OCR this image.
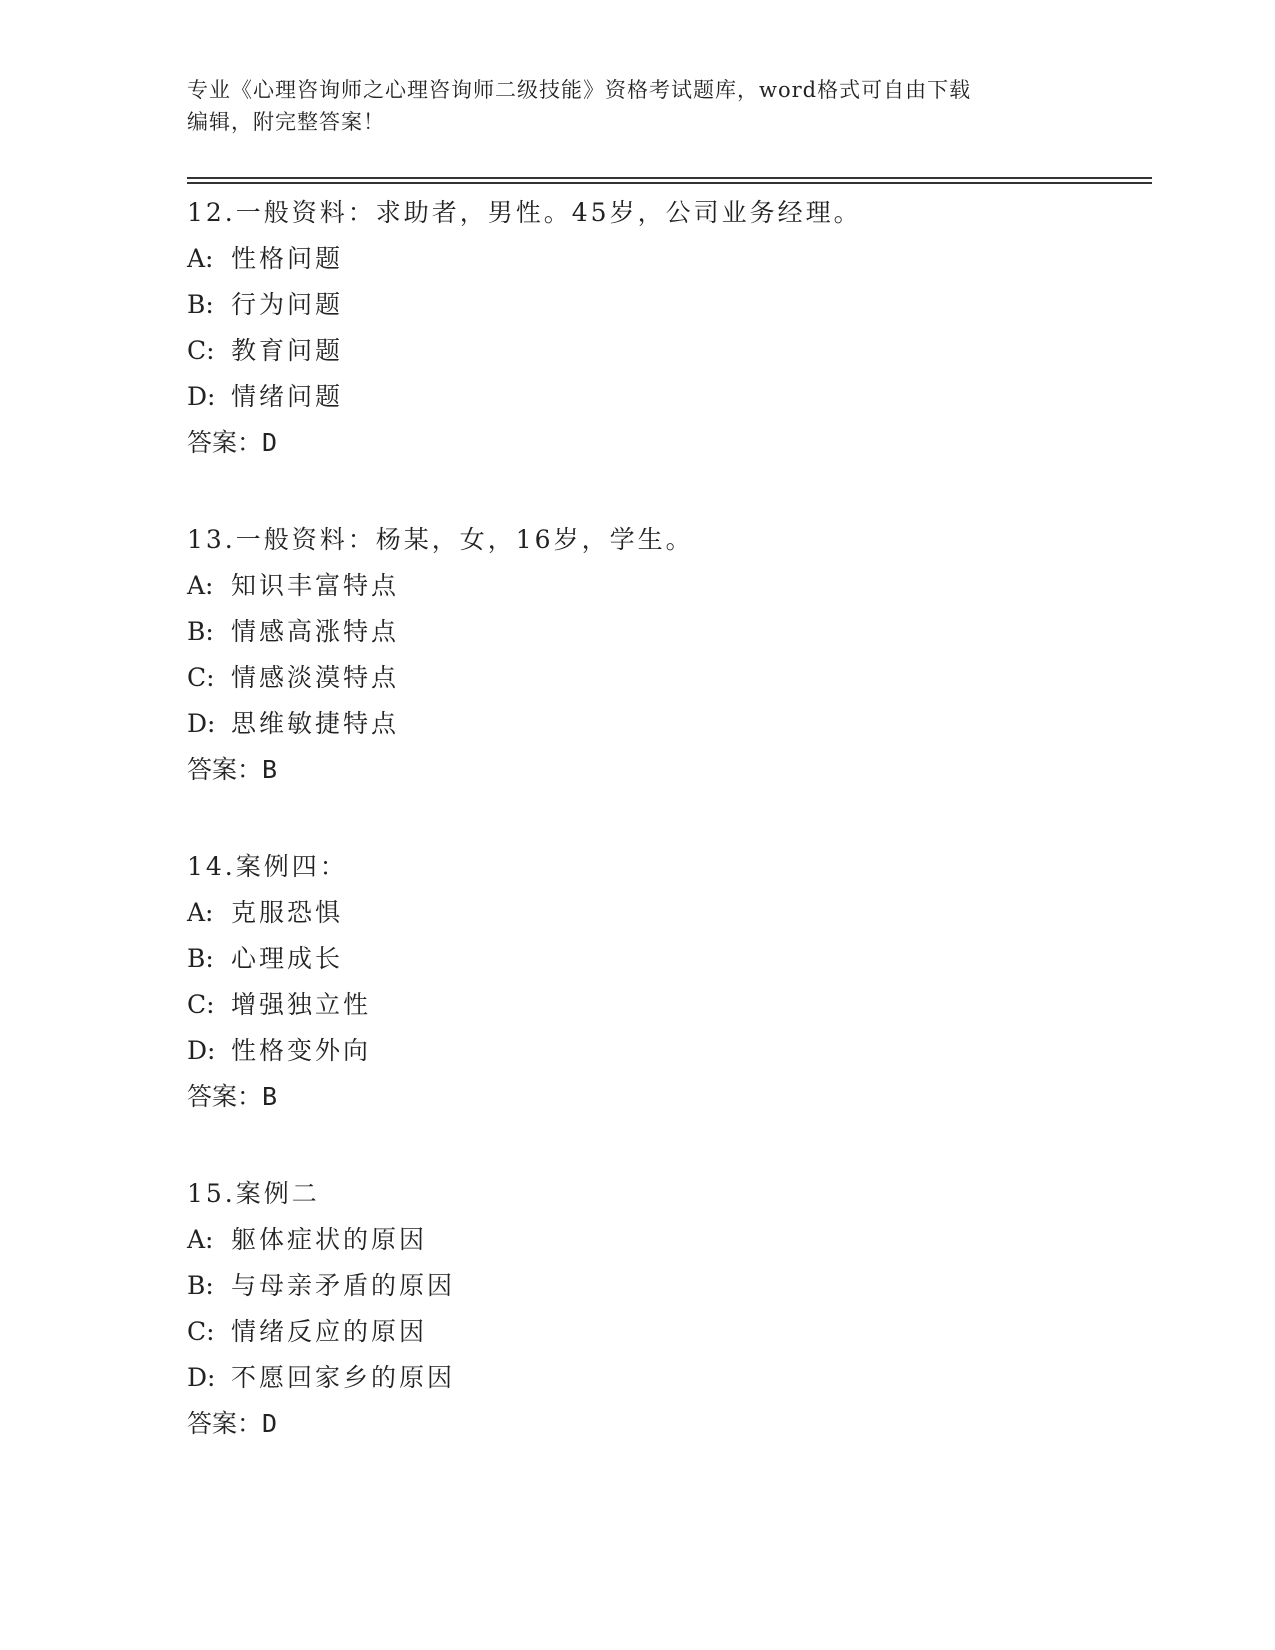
专业《心理咨询师之心理咨询师二级技能》资格考试题库，word格式可自由下载
编辑，附完整答案！
12.一般资料：求助者，男性。45岁，公司业务经理。
A: 性格问题
B: 行为问题
C: 教育问题
D: 情绪问题
答案：D
13.一般资料：杨某，女，16岁，学生。
A: 知识丰富特点
B: 情感高涨特点
C: 情感淡漠特点
D: 思维敏捷特点
答案：B
14.案例四：
A: 克服恐惧
B: 心理成长
C: 增强独立性
D: 性格变外向
答案：B
15.案例二
A: 躯体症状的原因
B: 与母亲矛盾的原因
C: 情绪反应的原因
D: 不愿回家乡的原因
答案：D
